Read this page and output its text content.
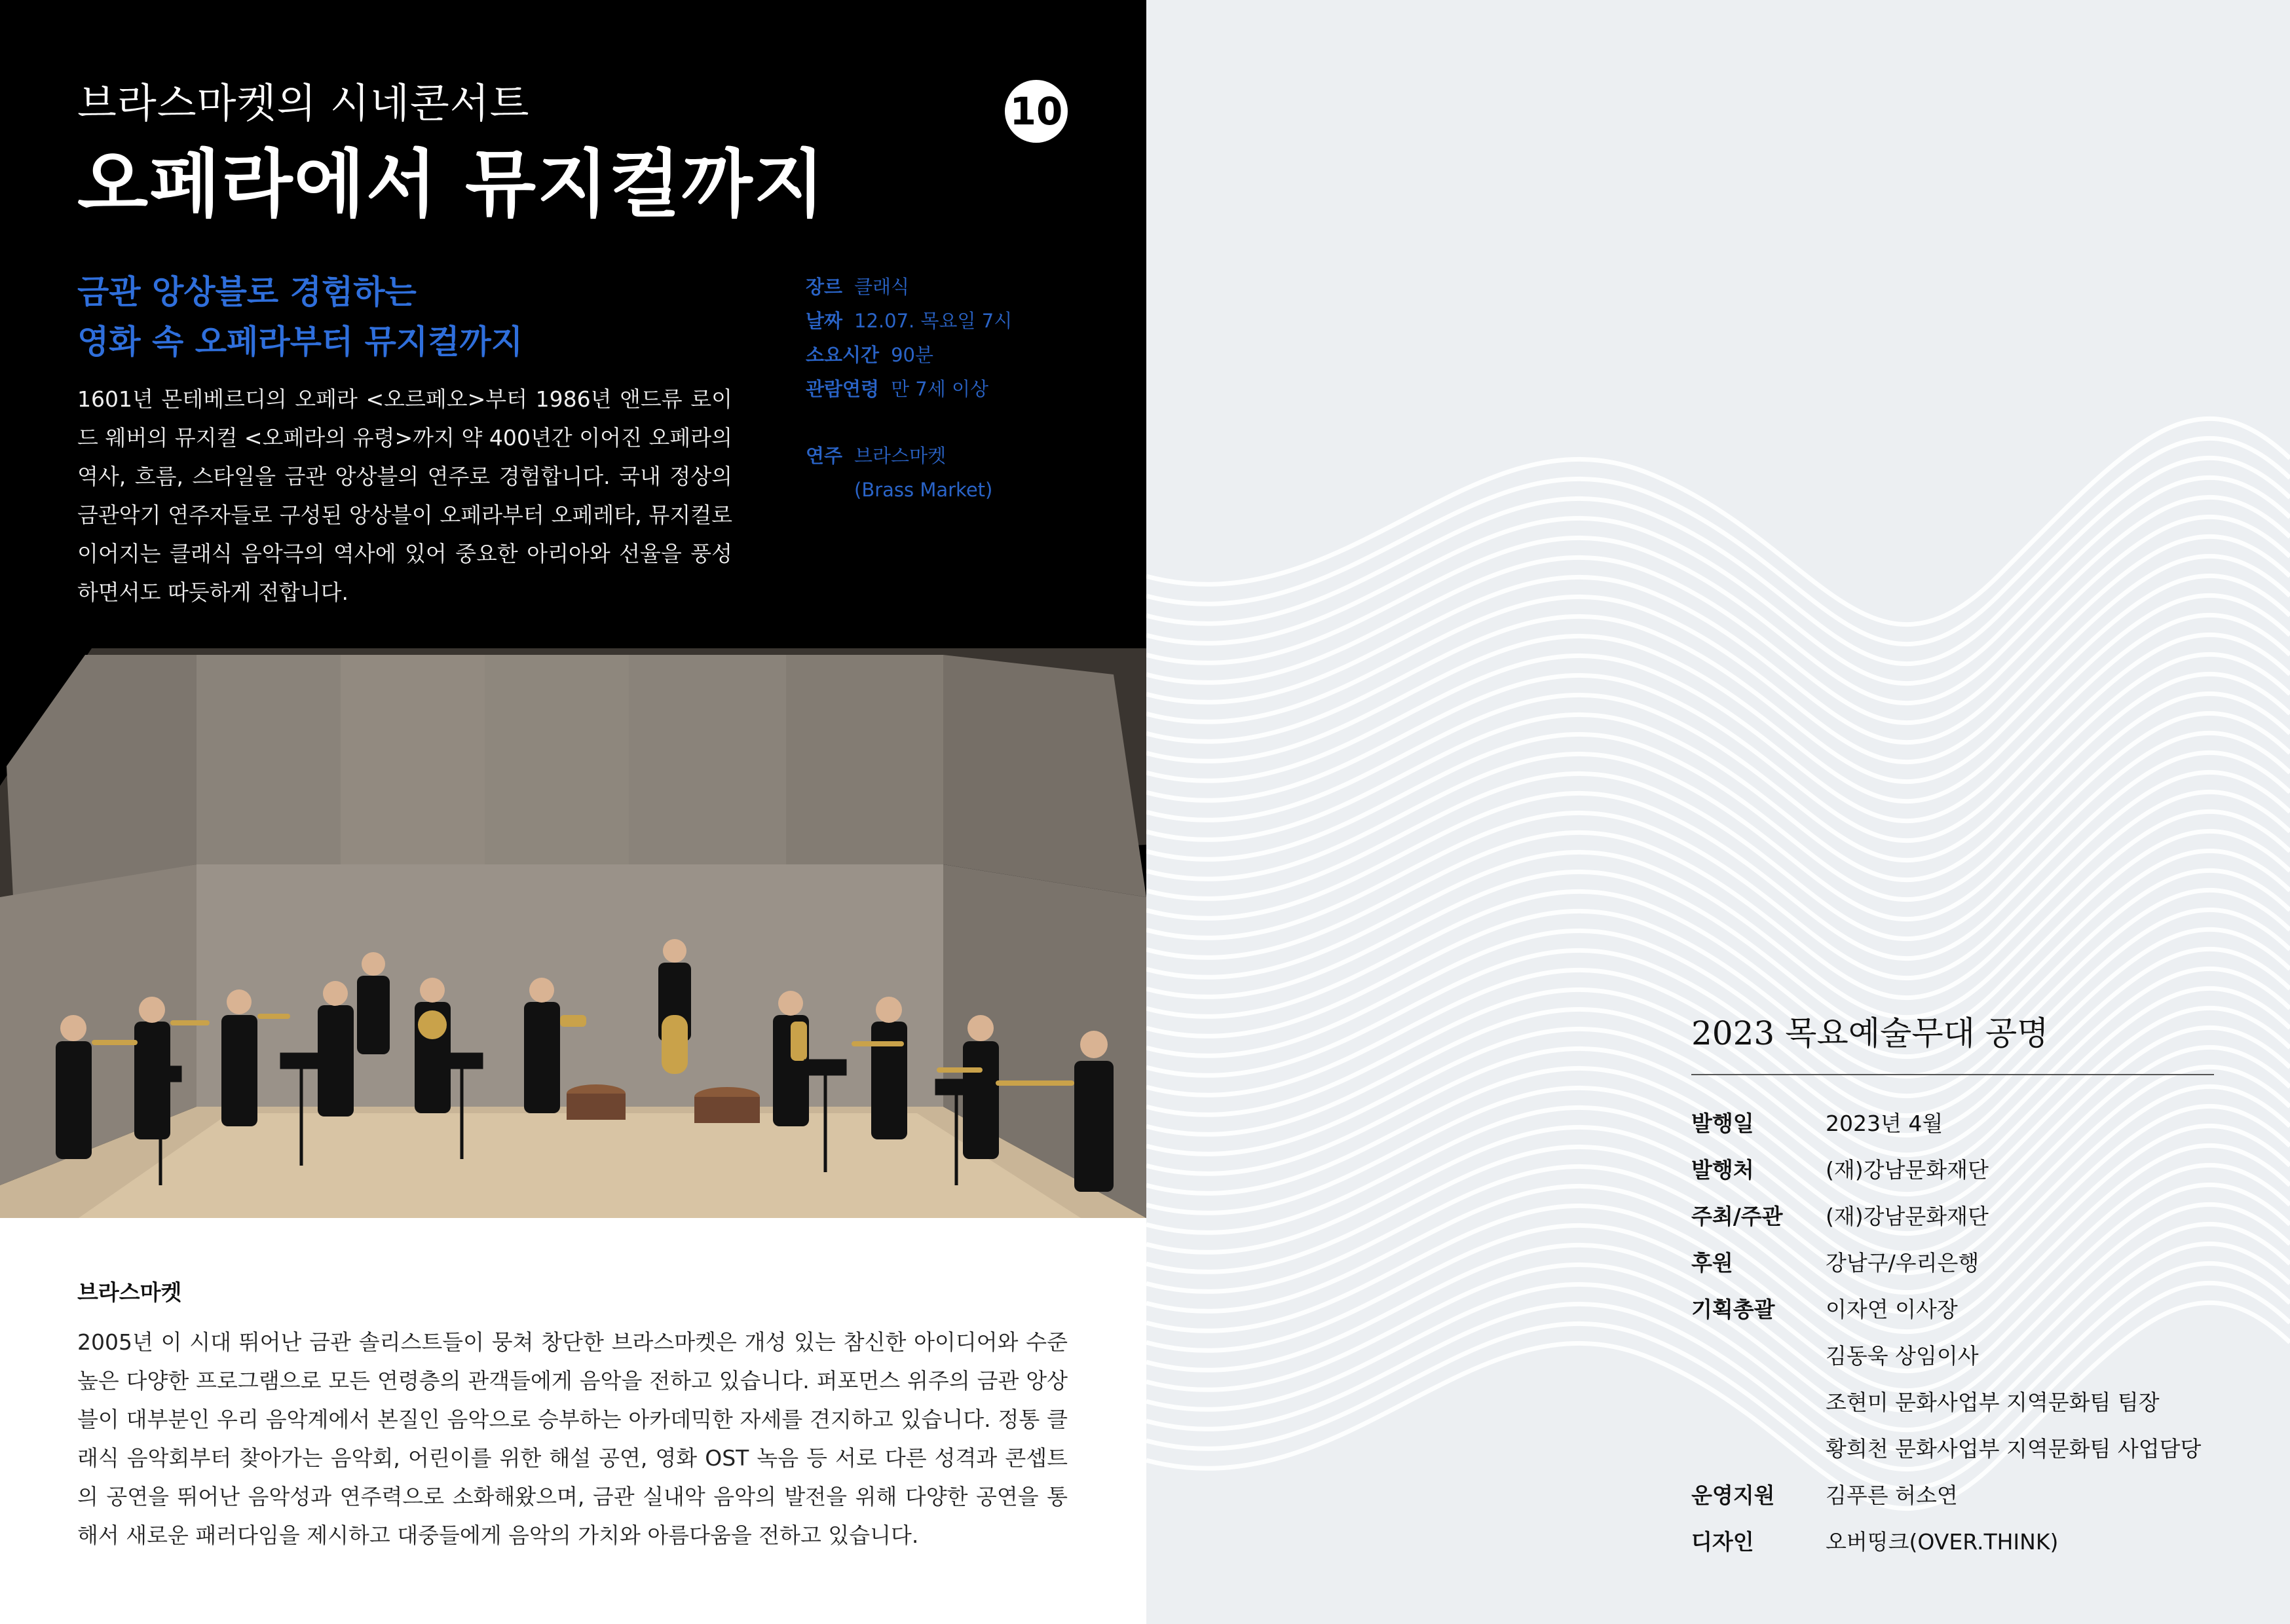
브라스마켓의 시네콘서트
오페라에서 뮤지컬까지
10
금관 앙상블로 경험하는
영화 속 오페라부터 뮤지컬까지
1601년 몬테베르디의 오페라 <오르페오>부터 1986년 앤드류 로이드 웨버의 뮤지컬 <오페라의 유령>까지 약 400년간 이어진 오페라의 역사, 흐름, 스타일을 금관 앙상블의 연주로 경험합니다. 국내 정상의 금관악기 연주자들로 구성된 앙상블이 오페라부터 오페레타, 뮤지컬로 이어지는 클래식 음악극의 역사에 있어 중요한 아리아와 선율을 풍성하면서도 따듯하게 전합니다.
장르 클래식
날짜 12.07. 목요일 7시
소요시간 90분
관람연령 만 7세 이상
연주 브라스마켓
(Brass Market)
브라스마켓
2005년 이 시대 뛰어난 금관 솔리스트들이 뭉쳐 창단한 브라스마켓은 개성 있는 참신한 아이디어와 수준 높은 다양한 프로그램으로 모든 연령층의 관객들에게 음악을 전하고 있습니다. 퍼포먼스 위주의 금관 앙상블이 대부분인 우리 음악계에서 본질인 음악으로 승부하는 아카데믹한 자세를 견지하고 있습니다. 정통 클래식 음악회부터 찾아가는 음악회, 어린이를 위한 해설 공연, 영화 OST 녹음 등 서로 다른 성격과 콘셉트의 공연을 뛰어난 음악성과 연주력으로 소화해왔으며, 금관 실내악 음악의 발전을 위해 다양한 공연을 통해서 새로운 패러다임을 제시하고 대중들에게 음악의 가치와 아름다움을 전하고 있습니다.
2023 목요예술무대 공명
발행일	2023년 4월
발행처	(재)강남문화재단
주최/주관	(재)강남문화재단
후원	강남구/우리은행
기획총괄	이자연 이사장
김동욱 상임이사
조현미 문화사업부 지역문화팀 팀장
황희천 문화사업부 지역문화팀 사업담당
운영지원	김푸른 허소연
디자인	오버띵크(OVER.THINK)
